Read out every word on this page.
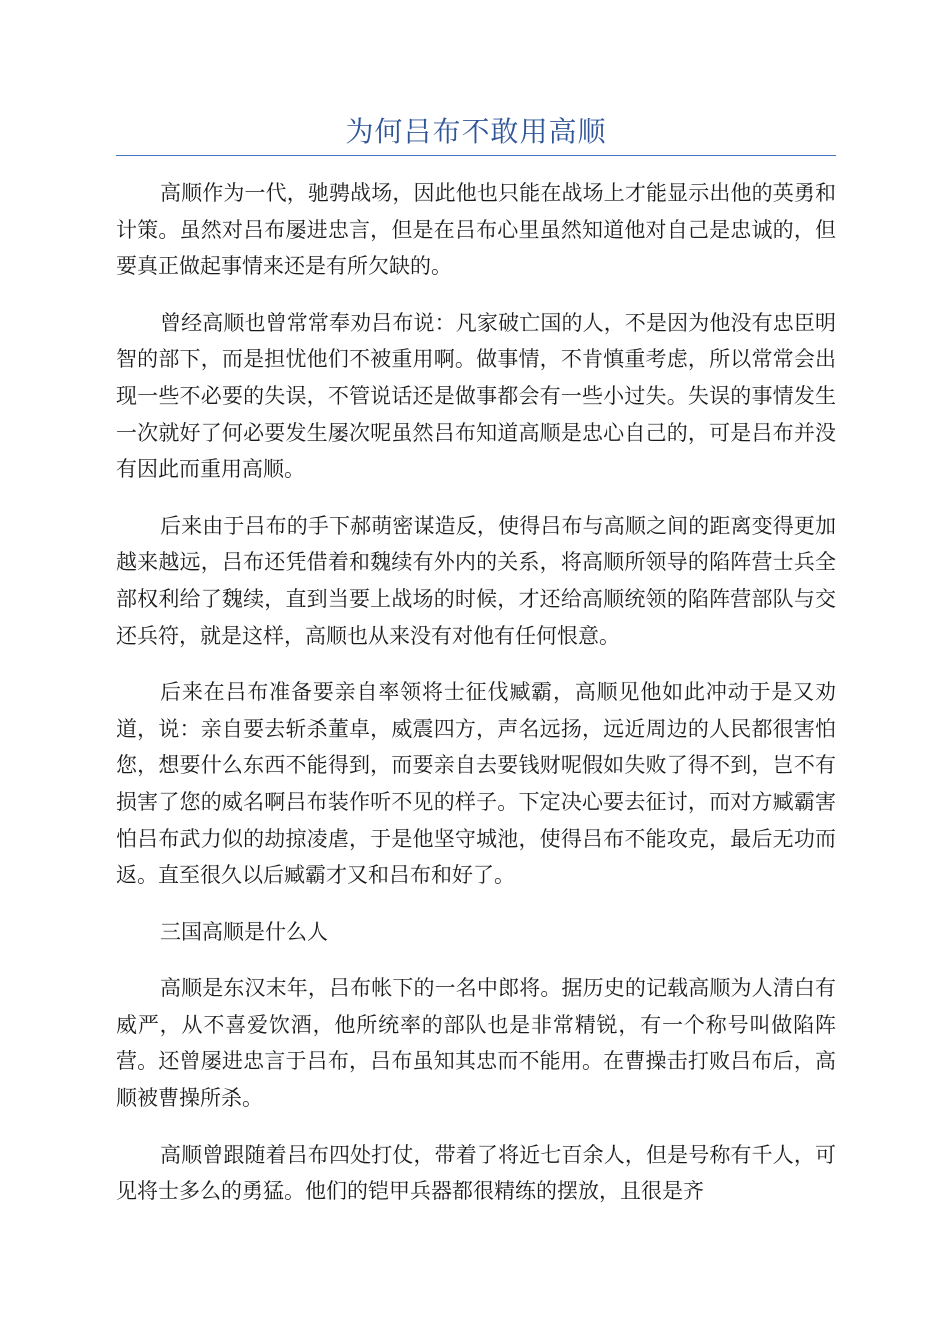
为何吕布不敢用高顺

高顺作为一代，驰骋战场，因此他也只能在战场上才能显示出他的英勇和计策。虽然对吕布屡进忠言，但是在吕布心里虽然知道他对自己是忠诚的，但要真正做起事情来还是有所欠缺的。

曾经高顺也曾常常奉劝吕布说：凡家破亡国的人，不是因为他没有忠臣明智的部下，而是担忧他们不被重用啊。做事情，不肯慎重考虑，所以常常会出现一些不必要的失误，不管说话还是做事都会有一些小过失。失误的事情发生一次就好了何必要发生屡次呢虽然吕布知道高顺是忠心自己的，可是吕布并没有因此而重用高顺。

后来由于吕布的手下郝萌密谋造反，使得吕布与高顺之间的距离变得更加越来越远，吕布还凭借着和魏续有外内的关系，将高顺所领导的陷阵营士兵全部权利给了魏续，直到当要上战场的时候，才还给高顺统领的陷阵营部队与交还兵符，就是这样，高顺也从来没有对他有任何恨意。

后来在吕布准备要亲自率领将士征伐臧霸，高顺见他如此冲动于是又劝道，说：亲自要去斩杀董卓，威震四方，声名远扬，远近周边的人民都很害怕您，想要什么东西不能得到，而要亲自去要钱财呢假如失败了得不到，岂不有损害了您的威名啊吕布装作听不见的样子。下定决心要去征讨，而对方臧霸害怕吕布武力似的劫掠凌虐，于是他坚守城池，使得吕布不能攻克，最后无功而返。直至很久以后臧霸才又和吕布和好了。

三国高顺是什么人

高顺是东汉末年，吕布帐下的一名中郎将。据历史的记载高顺为人清白有威严，从不喜爱饮酒，他所统率的部队也是非常精锐，有一个称号叫做陷阵营。还曾屡进忠言于吕布，吕布虽知其忠而不能用。在曹操击打败吕布后，高顺被曹操所杀。

高顺曾跟随着吕布四处打仗，带着了将近七百余人，但是号称有千人，可见将士多么的勇猛。他们的铠甲兵器都很精练的摆放，且很是齐
